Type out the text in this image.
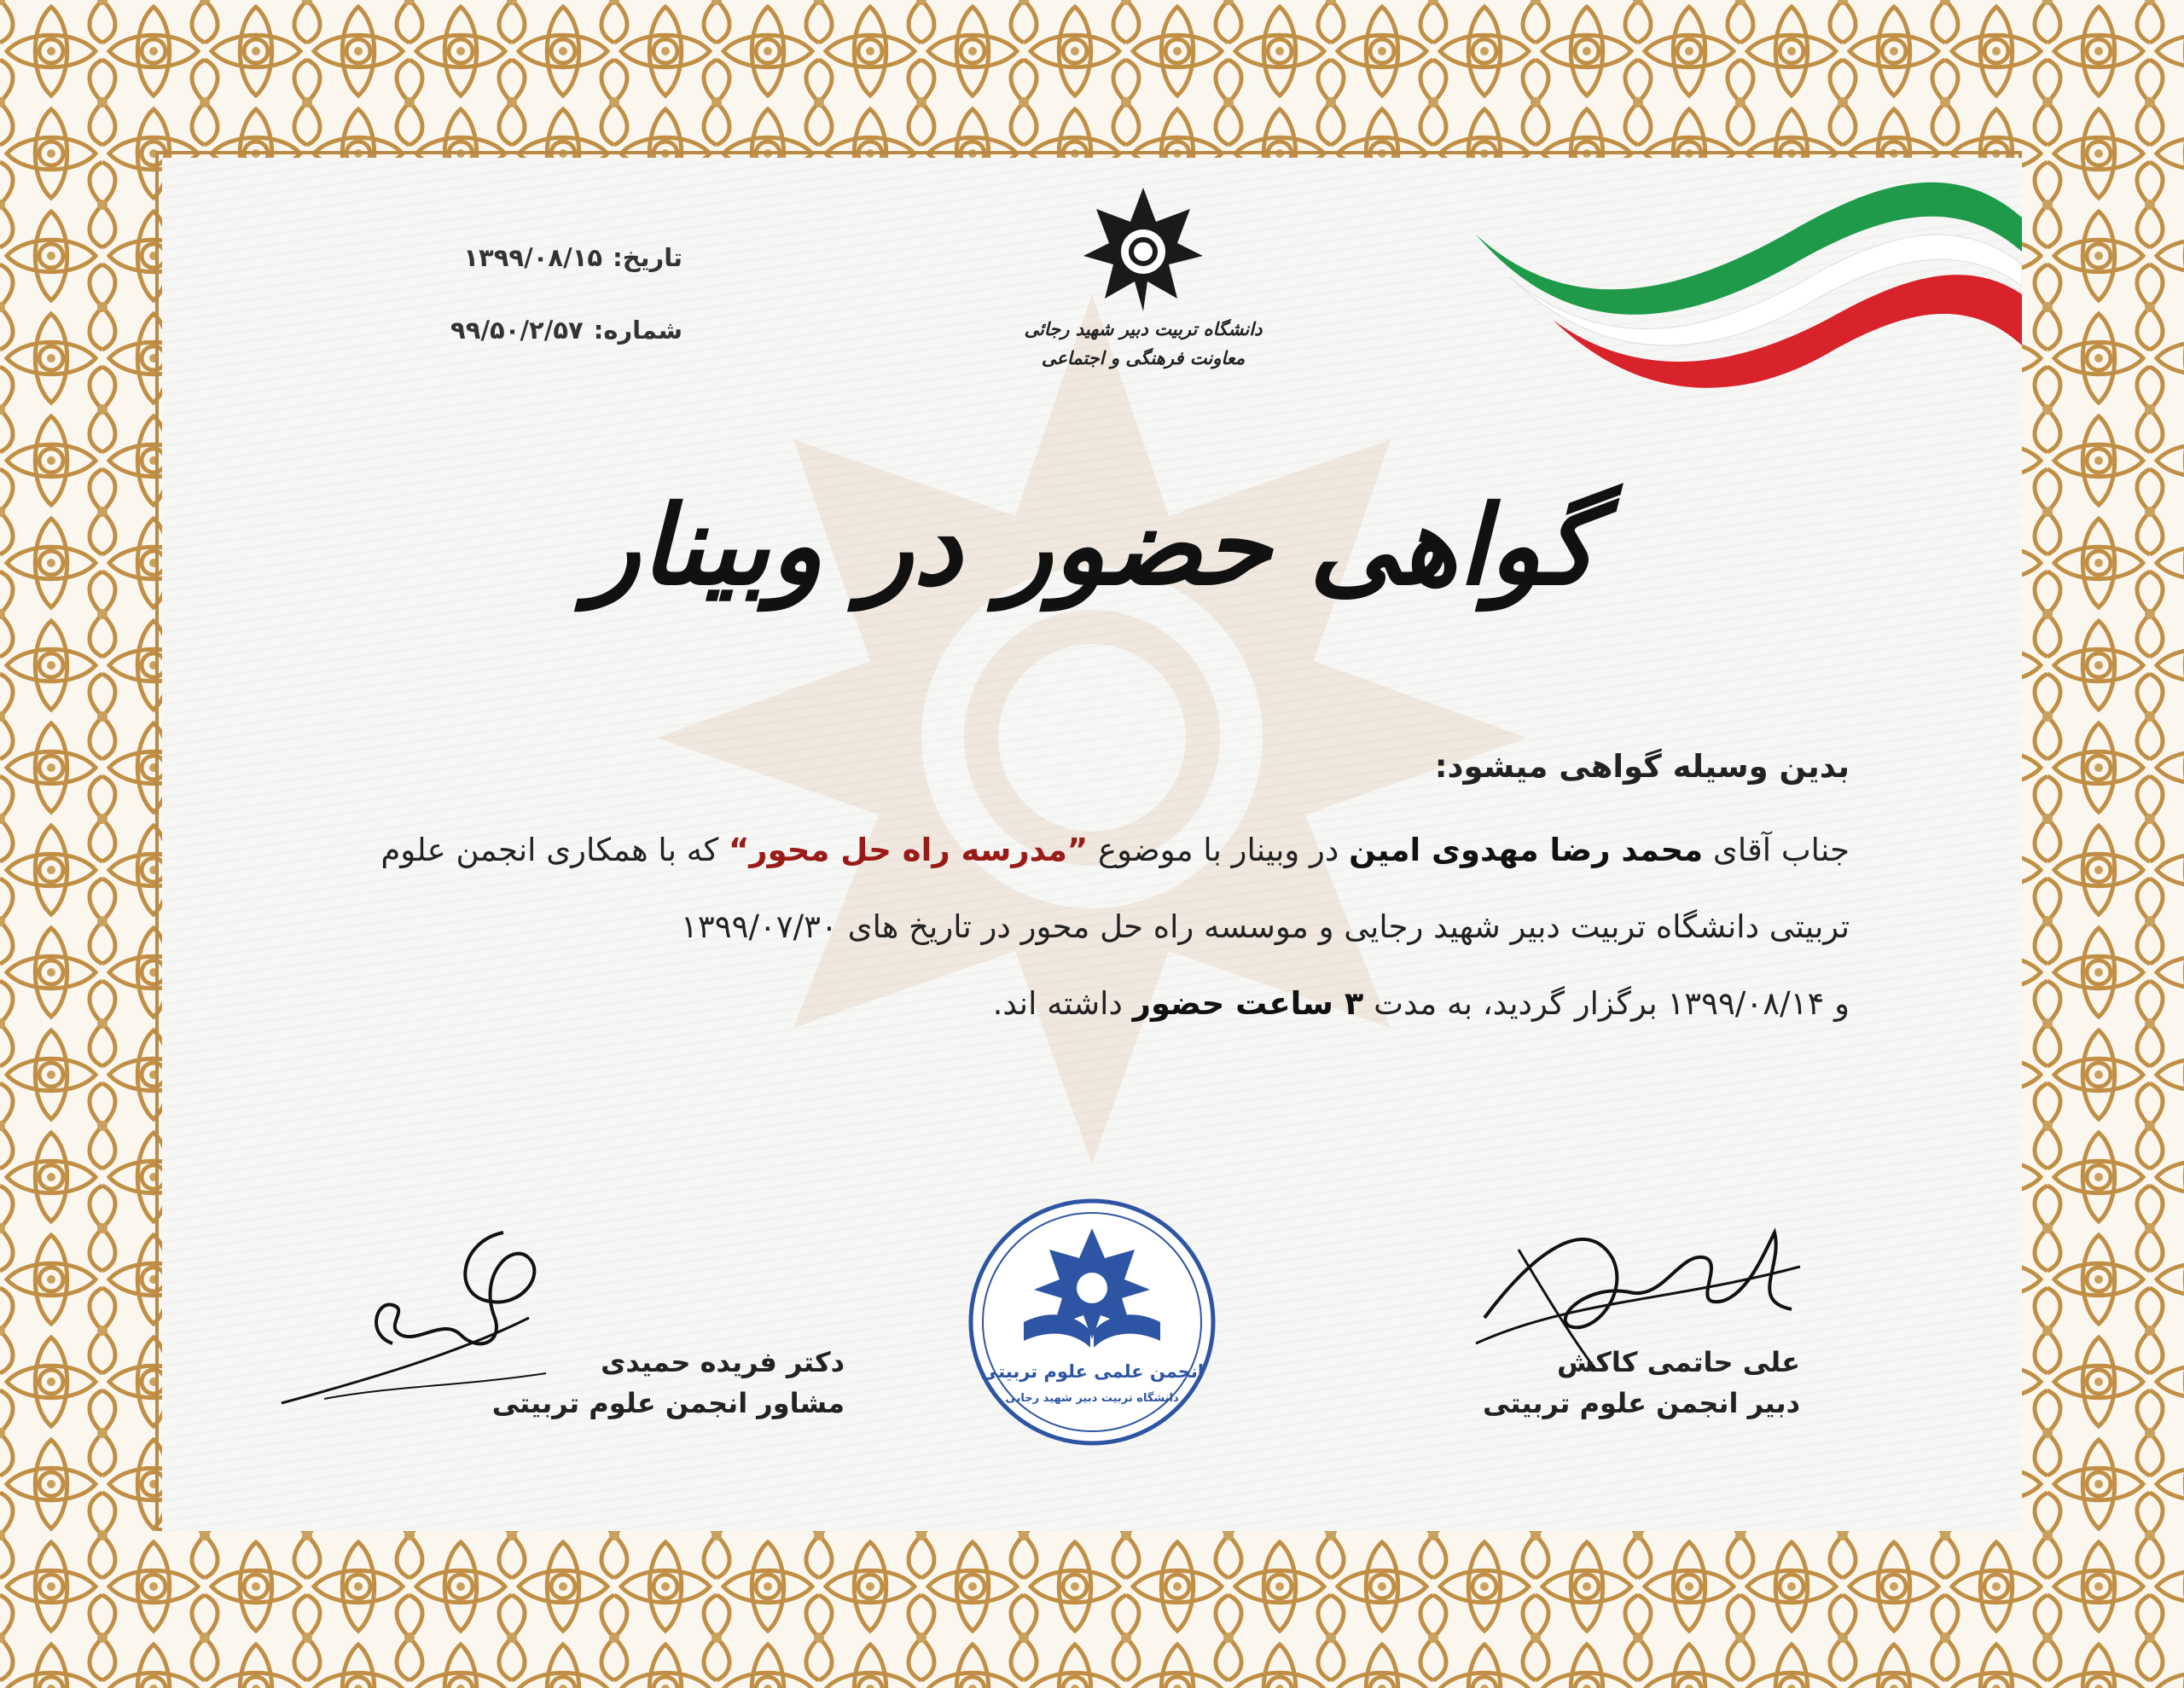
دانشگاه تربیت دبیر شهید رجائی
معاونت فرهنگی و اجتماعی
تاریخ:۱۳۹۹/۰۸/۱۵
شماره:۹۹/۵۰/۲/۵۷
گواهی حضور در وبینار
بدین وسیله گواهی میشود:
جناب آقای محمد رضا مهدوی امین در وبینار با موضوع ”مدرسه راه حل محور“ که با همکاری انجمن علوم
تربیتی دانشگاه تربیت دبیر شهید رجایی و موسسه راه حل محور در تاریخ های ۱۳۹۹/۰۷/۳۰
و ۱۳۹۹/۰۸/۱۴ برگزار گردید، به مدت ۳ ساعت حضور داشته اند.
علی حاتمی کاکش
دبیر انجمن علوم تربیتی
انجمن علمی علوم تربیتی
دانشگاه تربیت دبیر شهید رجایی
دکتر فریده حمیدی
مشاور انجمن علوم تربیتی
